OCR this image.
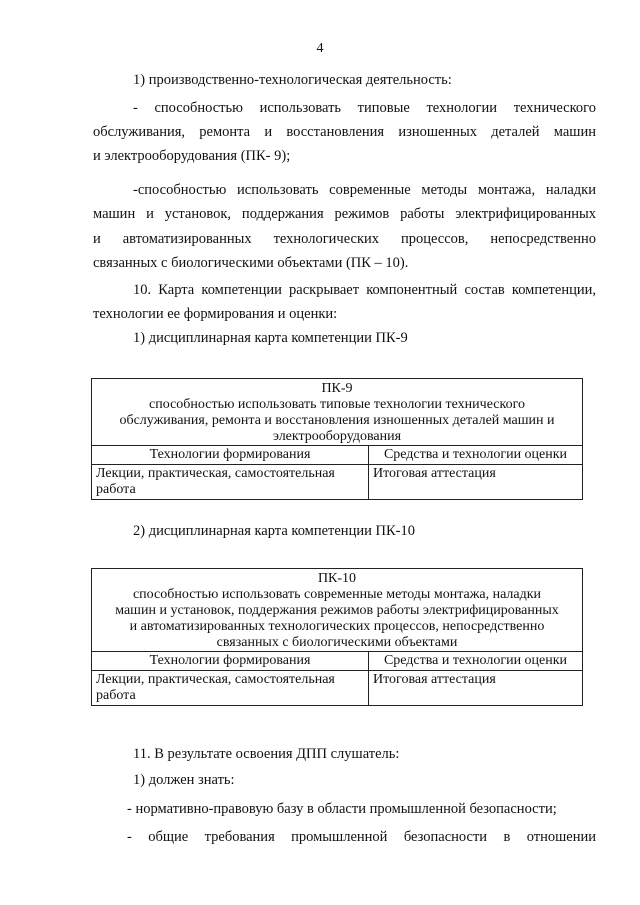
4
1) производственно-технологическая деятельность:
- способностью использовать типовые технологии технического
обслуживания, ремонта и восстановления изношенных деталей машин
и электрооборудования (ПК- 9);
-способностью использовать современные методы монтажа, наладки
машин и установок, поддержания режимов работы электрифицированных
и автоматизированных технологических процессов, непосредственно
связанных с биологическими объектами (ПК – 10).
10. Карта компетенции раскрывает компонентный состав компетенции,
технологии ее формирования и оценки:
1) дисциплинарная карта компетенции ПК-9
ПК-9
способностью использовать типовые технологии технического
обслуживания, ремонта и восстановления изношенных деталей машин и
электрооборудования	

Технологии формирования	Средства и технологии оценки

Лекции, практическая, самостоятельная
работа	Итоговая аттестация
2) дисциплинарная карта компетенции ПК-10
ПК-10
способностью использовать современные методы монтажа, наладки
машин и установок, поддержания режимов работы электрифицированных
и автоматизированных технологических процессов, непосредственно
связанных с биологическими объектами	

Технологии формирования	Средства и технологии оценки

Лекции, практическая, самостоятельная
работа	Итоговая аттестация
11. В результате освоения ДПП слушатель:
1) должен знать:
- нормативно-правовую базу в области промышленной безопасности;
- общие требования промышленной безопасности в отношении
